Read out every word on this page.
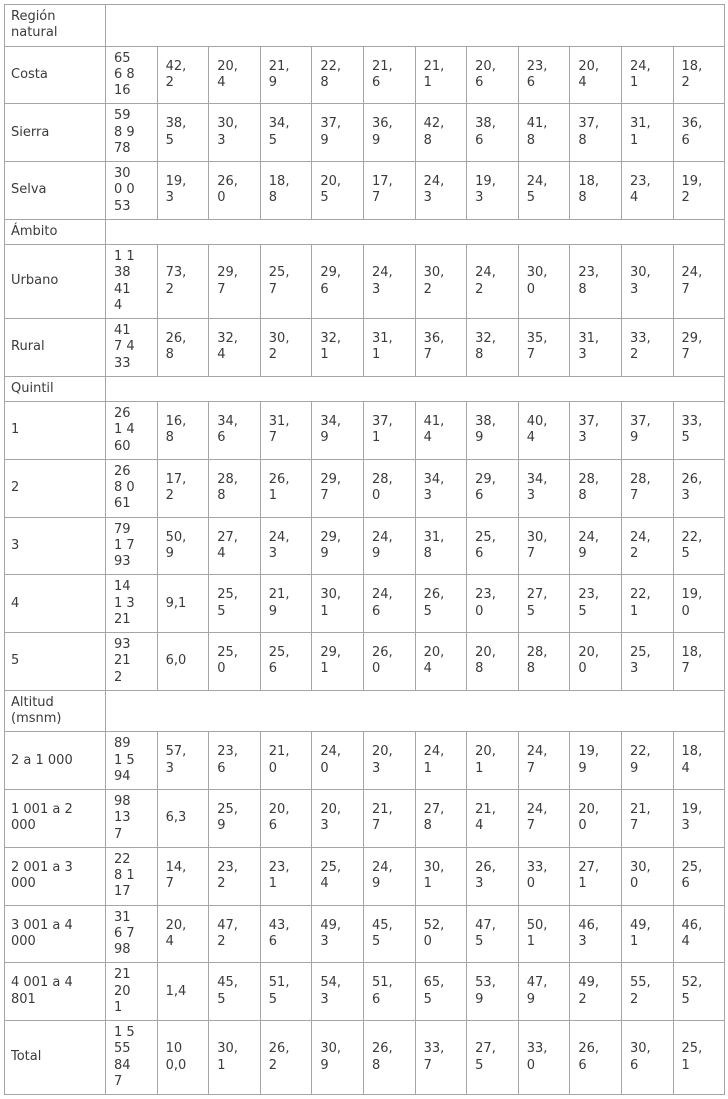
Región natural												
Costa	656 816	42,2	20,4	21,9	22,8	21,6	21,1	20,6	23,6	20,4	24,1	18,2
Sierra	598 978	38,5	30,3	34,5	37,9	36,9	42,8	38,6	41,8	37,8	31,1	36,6
Selva	300 053	19,3	26,0	18,8	20,5	17,7	24,3	19,3	24,5	18,8	23,4	19,2
Ámbito												
Urbano	1 138 414	73,2	29,7	25,7	29,6	24,3	30,2	24,2	30,0	23,8	30,3	24,7
Rural	417 433	26,8	32,4	30,2	32,1	31,1	36,7	32,8	35,7	31,3	33,2	29,7
Quintil												
1	261 460	16,8	34,6	31,7	34,9	37,1	41,4	38,9	40,4	37,3	37,9	33,5
2	268 061	17,2	28,8	26,1	29,7	28,0	34,3	29,6	34,3	28,8	28,7	26,3
3	791 793	50,9	27,4	24,3	29,9	24,9	31,8	25,6	30,7	24,9	24,2	22,5
4	141 321	9,1	25,5	21,9	30,1	24,6	26,5	23,0	27,5	23,5	22,1	19,0
5	93 212	6,0	25,0	25,6	29,1	26,0	20,4	20,8	28,8	20,0	25,3	18,7
Altitud (msnm)												
2 a 1 000	891 594	57,3	23,6	21,0	24,0	20,3	24,1	20,1	24,7	19,9	22,9	18,4
1 001 a 2 000	98 137	6,3	25,9	20,6	20,3	21,7	27,8	21,4	24,7	20,0	21,7	19,3
2 001 a 3 000	228 117	14,7	23,2	23,1	25,4	24,9	30,1	26,3	33,0	27,1	30,0	25,6
3 001 a 4 000	316 798	20,4	47,2	43,6	49,3	45,5	52,0	47,5	50,1	46,3	49,1	46,4
4 001 a 4 801	21 201	1,4	45,5	51,5	54,3	51,6	65,5	53,9	47,9	49,2	55,2	52,5
Total	1 555 847	100,0	30,1	26,2	30,9	26,8	33,7	27,5	33,0	26,6	30,6	25,1
